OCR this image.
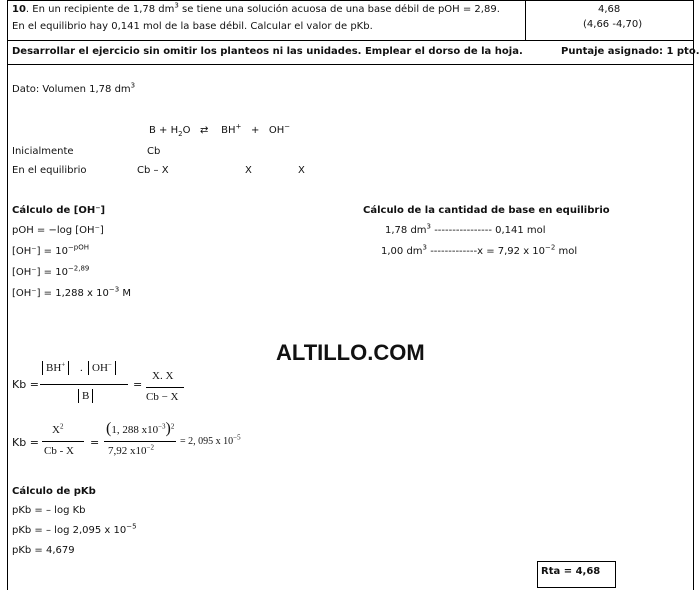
10. En un recipiente de 1,78 $dm^3$ se tiene una solución acuosa de una base débil de pOH = 2,89.
En el equilibrio hay 0,141 mol de la base débil. Calcular el valor de pKb.
4,68
(4,66 -4,70)
Desarrollar el ejercicio sin omitir los planteos ni las unidades. Emplear el dorso de la hoja.	Puntaje asignado: 1 pto.
Dato: Volumen 1,78 $dm^3$
$B + H_2O$ ⇄ BH+ + OH−
Inicialmente	Cb
En el equilibrio	Cb – X	X	X
Cálculo de [OH⁻]
pOH = −log [OH⁻]
$[OH^-] = 10^{-pOH}$
$[OH^-] = 10^{-2,89}$
[OH⁻] = 1,288 x $10^{-3}$ M
Cálculo de la cantidad de base en equilibrio
1,78 $dm^3$ ---------------- 0,141 mol
1,00 $dm^3$ -------------x = 7,92 x $10^{-2}$ mol
ALTILLO.COM
Kb =
BH+	. OH−
B
=
X. X
Cb − X
Kb =
$X^2$
Cb - X
=
(1, 288 $x10^{-3})^2$
7,92 $x10^{-2}$
= 2, 095 x $10^{-5}$
Cálculo de pKb
pKb = – log Kb
pKb = – log 2,095 x $10^{-5}$
pKb = 4,679
Rta = 4,68
